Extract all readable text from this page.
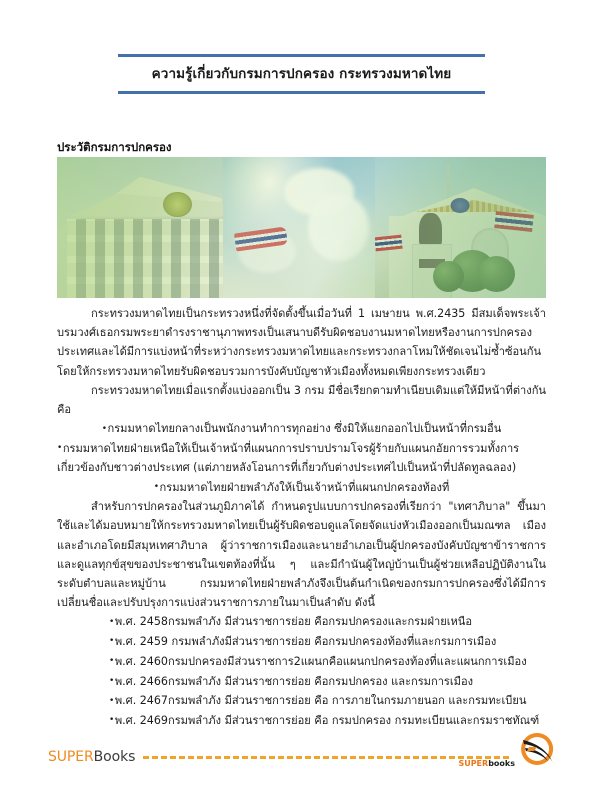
ความรู้เกี่ยวกับกรมการปกครอง กระทรวงมหาดไทย
ประวัติกรมการปกครอง

กระทรวงมหาดไทยเป็นกระทรวงหนึ่งที่จัดตั้งขึ้นเมื่อวันที่ 1 เมษายน พ.ศ.2435 มีสมเด็จพระเจ้าบรมวงศ์เธอกรมพระยาดำรงราชานุภาพทรงเป็นเสนาบดีรับผิดชอบงานมหาดไทยหรืองานการปกครองประเทศและได้มีการแบ่งหน้าที่ระหว่างกระทรวงมหาดไทยและกระทรวงกลาโหมให้ชัดเจนไม่ซ้ำซ้อนกันโดยให้กระทรวงมหาดไทยรับผิดชอบรวมการบังคับบัญชาหัวเมืองทั้งหมดเพียงกระทรวงเดียว

กระทรวงมหาดไทยเมื่อแรกตั้งแบ่งออกเป็น 3 กรม มีชื่อเรียกตามทำเนียบเดิมแต่ให้มีหน้าที่ต่างกัน คือ

• กรมมหาดไทยกลางเป็นพนักงานทำการทุกอย่าง ซึ่งมิให้แยกออกไปเป็นหน้าที่กรมอื่น

• กรมมหาดไทยฝ่ายเหนือให้เป็นเจ้าหน้าที่แผนกการปราบปรามโจรผู้ร้ายกับแผนกอัยการรวมทั้งการเกี่ยวข้องกับชาวต่างประเทศ (แต่ภายหลังโอนการที่เกี่ยวกับต่างประเทศไปเป็นหน้าที่ปลัดทูลฉลอง)

• กรมมหาดไทยฝ่ายพลำภังให้เป็นเจ้าหน้าที่แผนกปกครองท้องที่

สำหรับการปกครองในส่วนภูมิภาคได้ กำหนดรูปแบบการปกครองที่เรียกว่า "เทศาภิบาล" ขึ้นมาใช้และได้มอบหมายให้กระทรวงมหาดไทยเป็นผู้รับผิดชอบดูแลโดยจัดแบ่งหัวเมืองออกเป็นมณฑล เมืองและอำเภอโดยมีสมุหเทศาภิบาล ผู้ว่าราชการเมืองและนายอำเภอเป็นผู้ปกครองบังคับบัญชาข้าราชการและดูแลทุกข์สุขของประชาชนในเขตท้องที่นั้น ๆ และมีกำนันผู้ใหญ่บ้านเป็นผู้ช่วยเหลือปฏิบัติงานในระดับตำบลและหมู่บ้าน กรมมหาดไทยฝ่ายพลำภังจึงเป็นต้นกำเนิดของกรมการปกครองซึ่งได้มีการเปลี่ยนชื่อและปรับปรุงการแบ่งส่วนราชการภายในมาเป็นลำดับ ดังนี้

• พ.ศ. 2458กรมพลำภัง มีส่วนราชการย่อย คือกรมปกครองและกรมฝ่ายเหนือ
• พ.ศ. 2459 กรมพลำภังมีส่วนราชการย่อย คือกรมปกครองท้องที่และกรมการเมือง
• พ.ศ. 2460กรมปกครองมีส่วนราชการ2แผนกคือแผนกปกครองท้องที่และแผนกการเมือง
• พ.ศ. 2466กรมพลำภัง มีส่วนราชการย่อย คือกรมปกครอง และกรมการเมือง
• พ.ศ. 2467กรมพลำภัง มีส่วนราชการย่อย คือ การภายในกรมภายนอก และกรมทะเบียน
• พ.ศ. 2469กรมพลำภัง มีส่วนราชการย่อย คือ กรมปกครอง กรมทะเบียนและกรมราชทัณฑ์
SUPERBooks	SUPERbooks
